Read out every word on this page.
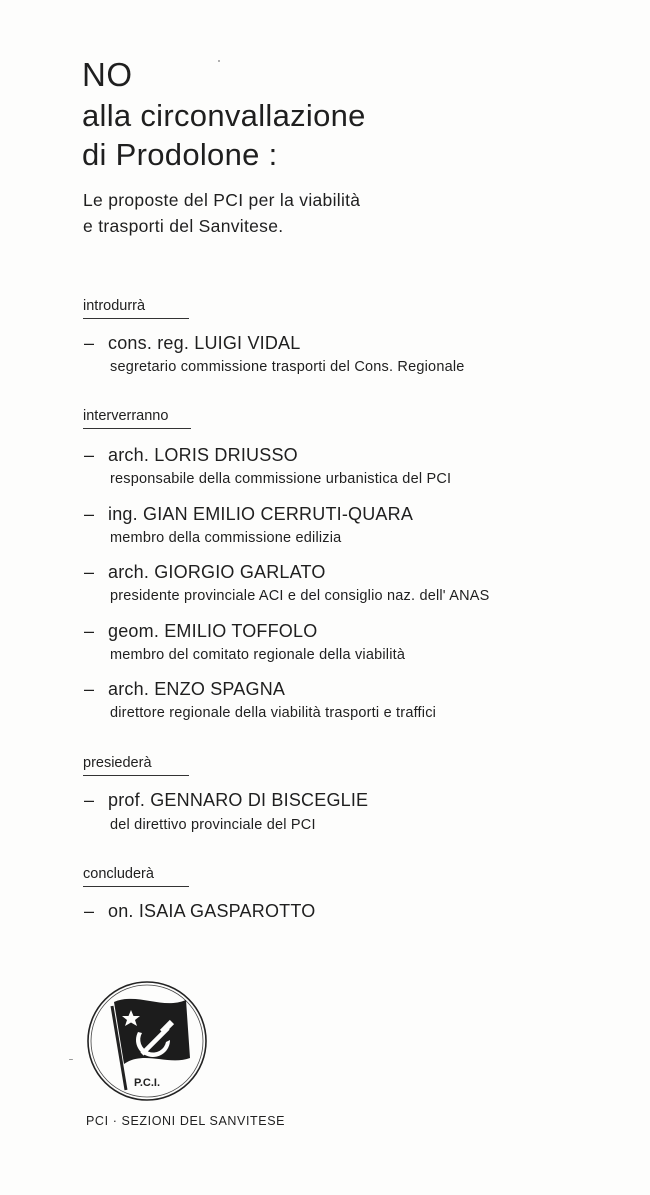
NO
alla circonvallazione
di Prodolone :
Le proposte del PCI per la viabilità
e trasporti del Sanvitese.
introdurrà
– cons. reg. LUIGI VIDAL
segretario commissione trasporti del Cons. Regionale
interverranno
– arch. LORIS DRIUSSO
responsabile della commissione urbanistica del PCI
– ing. GIAN EMILIO CERRUTI-QUARA
membro della commissione edilizia
– arch. GIORGIO GARLATO
presidente provinciale ACI e del consiglio naz. dell' ANAS
– geom. EMILIO TOFFOLO
membro del comitato regionale della viabilità
– arch. ENZO SPAGNA
direttore regionale della viabilità trasporti e traffici
presiederà
– prof. GENNARO DI BISCEGLIE
del direttivo provinciale del PCI
concluderà
– on. ISAIA GASPAROTTO
P.C.I.
PCI · SEZIONI DEL SANVITESE
